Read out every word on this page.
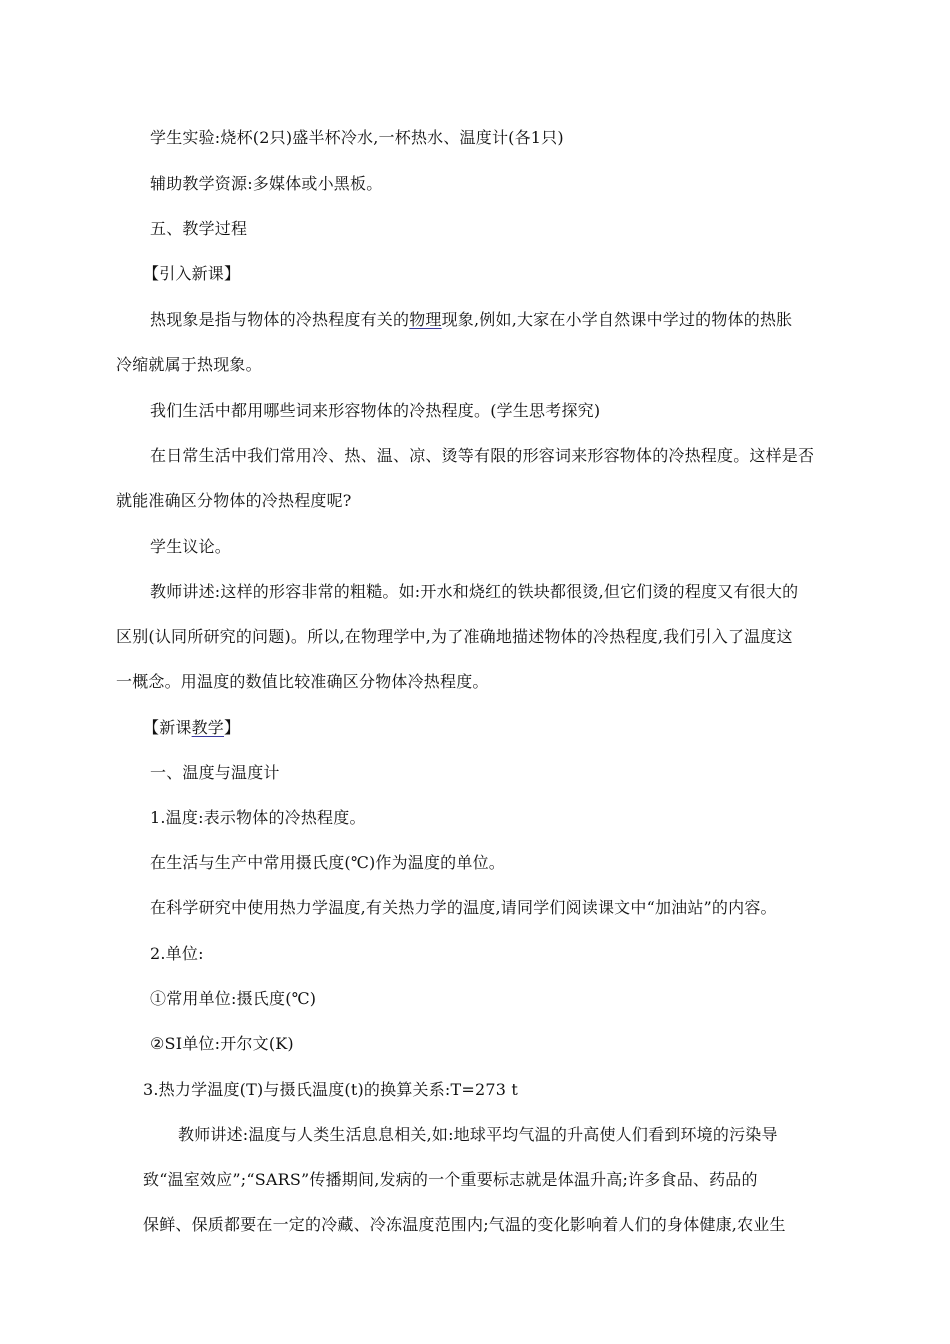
学生实验:烧杯(2只)盛半杯冷水,一杯热水、温度计(各1只)
辅助教学资源:多媒体或小黑板。
五、教学过程
【引入新课】
热现象是指与物体的冷热程度有关的物理现象,例如,大家在小学自然课中学过的物体的热胀
冷缩就属于热现象。
我们生活中都用哪些词来形容物体的冷热程度。(学生思考探究)
在日常生活中我们常用冷、热、温、凉、烫等有限的形容词来形容物体的冷热程度。这样是否
就能准确区分物体的冷热程度呢?
学生议论。
教师讲述:这样的形容非常的粗糙。如:开水和烧红的铁块都很烫,但它们烫的程度又有很大的
区别(认同所研究的问题)。所以,在物理学中,为了准确地描述物体的冷热程度,我们引入了温度这
一概念。用温度的数值比较准确区分物体冷热程度。
【新课教学】
一、温度与温度计
1.温度:表示物体的冷热程度。
在生活与生产中常用摄氏度(℃)作为温度的单位。
在科学研究中使用热力学温度,有关热力学的温度,请同学们阅读课文中“加油站”的内容。
2.单位:
①常用单位:摄氏度(℃)
②SI单位:开尔文(K)
3.热力学温度(T)与摄氏温度(t)的换算关系:T=273 t
教师讲述:温度与人类生活息息相关,如:地球平均气温的升高使人们看到环境的污染导
致“温室效应”;“SARS”传播期间,发病的一个重要标志就是体温升高;许多食品、药品的
保鲜、保质都要在一定的冷藏、冷冻温度范围内;气温的变化影响着人们的身体健康,农业生
